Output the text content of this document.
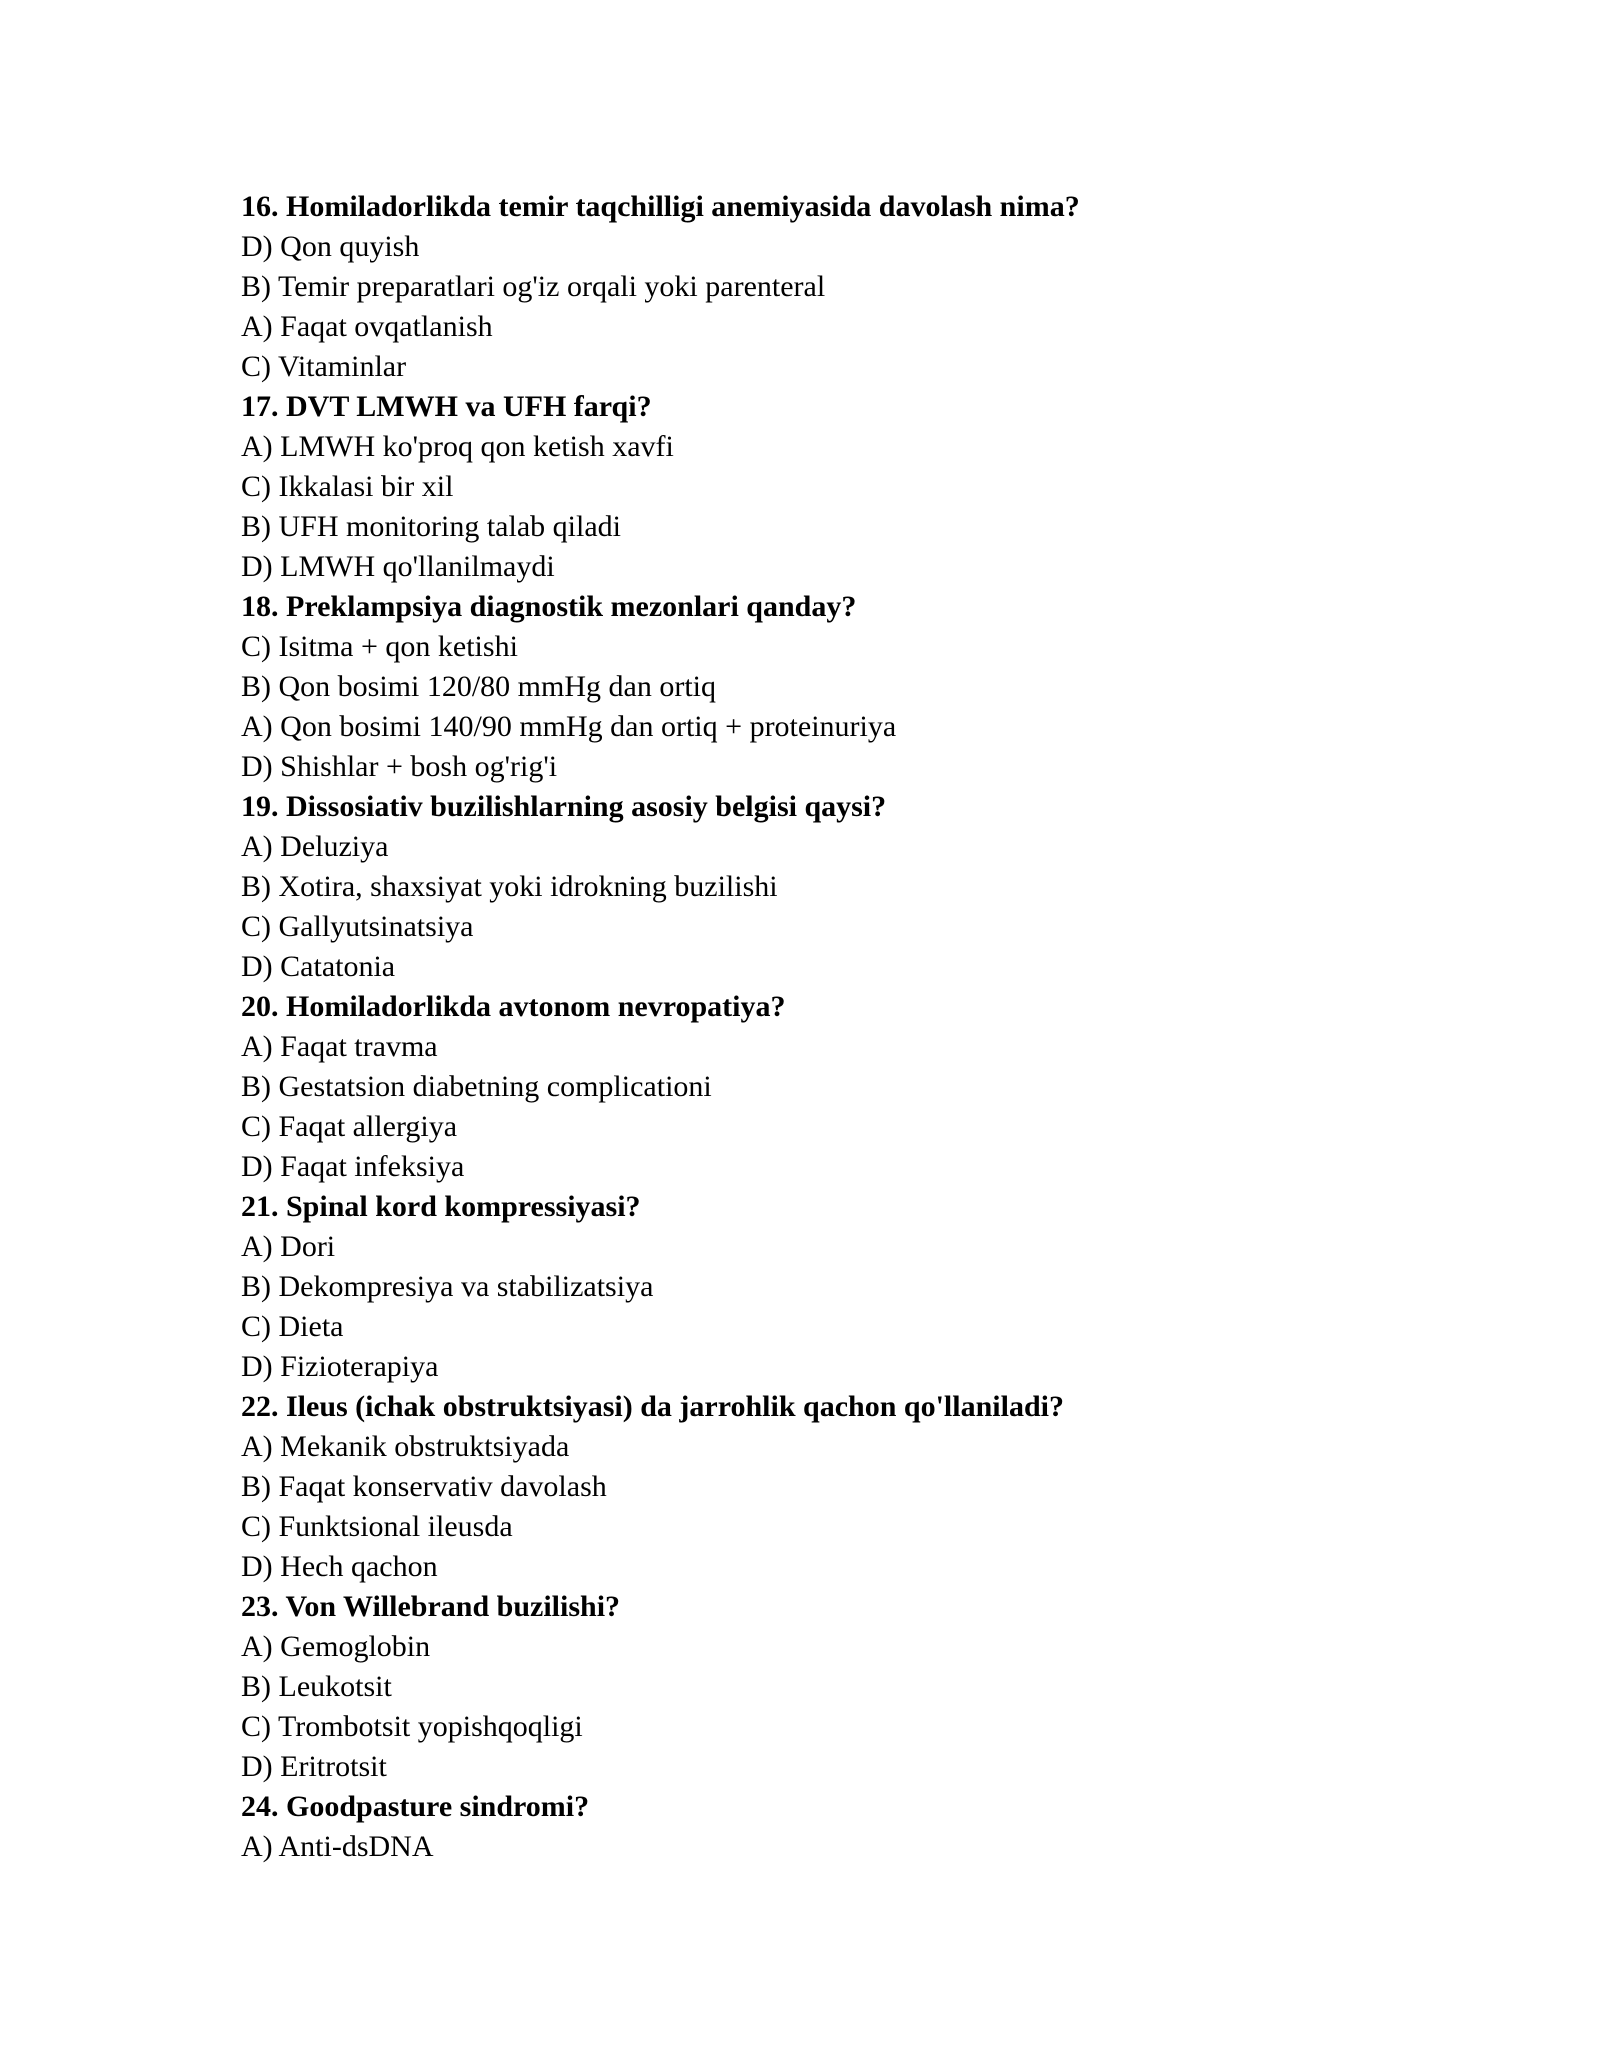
16. Homiladorlikda temir taqchilligi anemiyasida davolash nima?
D) Qon quyish
B) Temir preparatlari og'iz orqali yoki parenteral
A) Faqat ovqatlanish
C) Vitaminlar
17. DVT LMWH va UFH farqi?
A) LMWH ko'proq qon ketish xavfi
C) Ikkalasi bir xil
B) UFH monitoring talab qiladi
D) LMWH qo'llanilmaydi
18. Preklampsiya diagnostik mezonlari qanday?
C) Isitma + qon ketishi
B) Qon bosimi 120/80 mmHg dan ortiq
A) Qon bosimi 140/90 mmHg dan ortiq + proteinuriya
D) Shishlar + bosh og'rig'i
19. Dissosiativ buzilishlarning asosiy belgisi qaysi?
A) Deluziya
B) Xotira, shaxsiyat yoki idrokning buzilishi
C) Gallyutsinatsiya
D) Catatonia
20. Homiladorlikda avtonom nevropatiya?
A) Faqat travma
B) Gestatsion diabetning complicationi
C) Faqat allergiya
D) Faqat infeksiya
21. Spinal kord kompressiyasi?
A) Dori
B) Dekompresiya va stabilizatsiya
C) Dieta
D) Fizioterapiya
22. Ileus (ichak obstruktsiyasi) da jarrohlik qachon qo'llaniladi?
A) Mekanik obstruktsiyada
B) Faqat konservativ davolash
C) Funktsional ileusda
D) Hech qachon
23. Von Willebrand buzilishi?
A) Gemoglobin
B) Leukotsit
C) Trombotsit yopishqoqligi
D) Eritrotsit
24. Goodpasture sindromi?
A) Anti-dsDNA
